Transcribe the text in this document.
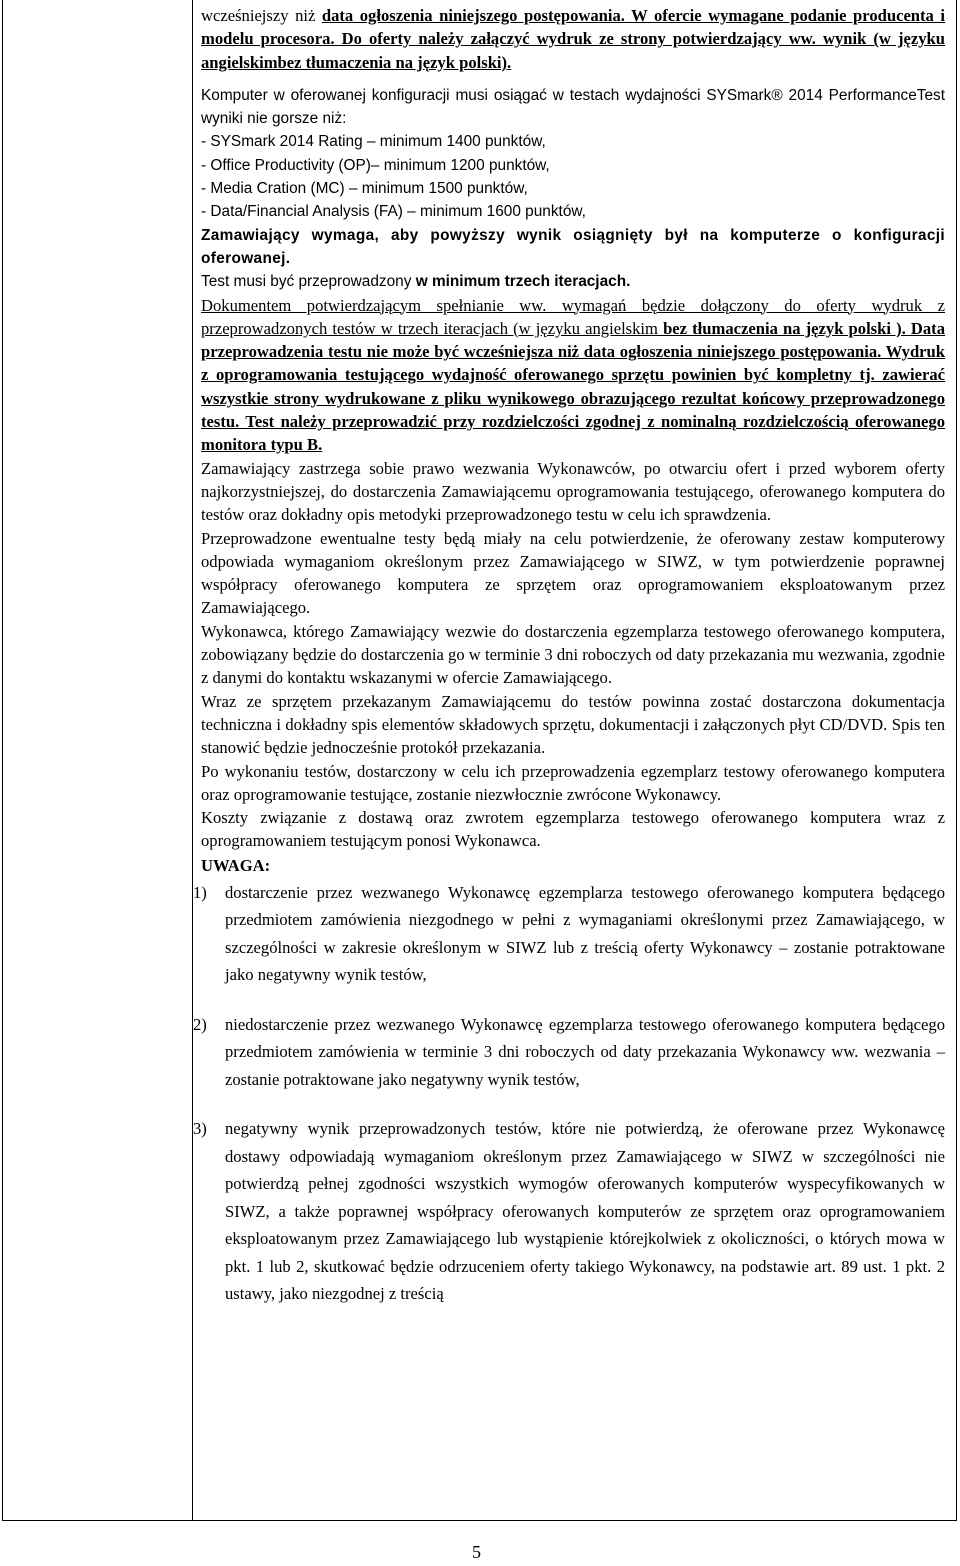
wcześniejszy niż data ogłoszenia niniejszego postępowania. W ofercie wymagane podanie producenta i modelu procesora. Do oferty należy załączyć wydruk ze strony potwierdzający ww. wynik (w języku angielskimbez tłumaczenia na język polski).

Komputer w oferowanej konfiguracji musi osiągać w testach wydajności SYSmark® 2014 PerformanceTest wyniki nie gorsze niż:

- SYSmark 2014 Rating – minimum 1400 punktów,

- Office Productivity (OP)– minimum 1200 punktów,

- Media Cration (MC) – minimum 1500 punktów,

- Data/Financial Analysis (FA) – minimum 1600 punktów,

Zamawiający wymaga, aby powyższy wynik osiągnięty był na komputerze o konfiguracji oferowanej.

Test musi być przeprowadzony w minimum trzech iteracjach.

Dokumentem potwierdzającym spełnianie ww. wymagań będzie dołączony do oferty wydruk z przeprowadzonych testów w trzech iteracjach (w języku angielskim bez tłumaczenia na język polski ). Data przeprowadzenia testu nie może być wcześniejsza niż data ogłoszenia niniejszego postępowania. Wydruk z oprogramowania testującego wydajność oferowanego sprzętu powinien być kompletny tj. zawierać wszystkie strony wydrukowane z pliku wynikowego obrazującego rezultat końcowy przeprowadzonego testu. Test należy przeprowadzić przy rozdzielczości zgodnej z nominalną rozdzielczością oferowanego monitora typu B.

Zamawiający zastrzega sobie prawo wezwania Wykonawców, po otwarciu ofert i przed wyborem oferty najkorzystniejszej, do dostarczenia Zamawiającemu oprogramowania testującego, oferowanego komputera do testów oraz dokładny opis metodyki przeprowadzonego testu w celu ich sprawdzenia.

Przeprowadzone ewentualne testy będą miały na celu potwierdzenie, że oferowany zestaw komputerowy odpowiada wymaganiom określonym przez Zamawiającego w SIWZ, w tym potwierdzenie poprawnej współpracy oferowanego komputera ze sprzętem oraz oprogramowaniem eksploatowanym przez Zamawiającego.

Wykonawca, którego Zamawiający wezwie do dostarczenia egzemplarza testowego oferowanego komputera, zobowiązany będzie do dostarczenia go w terminie 3 dni roboczych od daty przekazania mu wezwania, zgodnie z danymi do kontaktu wskazanymi w ofercie Zamawiającego.

Wraz ze sprzętem przekazanym Zamawiającemu do testów powinna zostać dostarczona dokumentacja techniczna i dokładny spis elementów składowych sprzętu, dokumentacji i załączonych płyt CD/DVD. Spis ten stanowić będzie jednocześnie protokół przekazania.

Po wykonaniu testów, dostarczony w celu ich przeprowadzenia egzemplarz testowy oferowanego komputera oraz oprogramowanie testujące, zostanie niezwłocznie zwrócone Wykonawcy.

Koszty związanie z dostawą oraz zwrotem egzemplarza testowego oferowanego komputera wraz z oprogramowaniem testującym ponosi Wykonawca.

UWAGA:

1) dostarczenie przez wezwanego Wykonawcę egzemplarza testowego oferowanego komputera będącego przedmiotem zamówienia niezgodnego w pełni z wymaganiami określonymi przez Zamawiającego, w szczególności w zakresie określonym w SIWZ lub z treścią oferty Wykonawcy – zostanie potraktowane jako negatywny wynik testów,
2) niedostarczenie przez wezwanego Wykonawcę egzemplarza testowego oferowanego komputera będącego przedmiotem zamówienia w terminie 3 dni roboczych od daty przekazania Wykonawcy ww. wezwania – zostanie potraktowane jako negatywny wynik testów,
3) negatywny wynik przeprowadzonych testów, które nie potwierdzą, że oferowane przez Wykonawcę dostawy odpowiadają wymaganiom określonym przez Zamawiającego w SIWZ w szczególności nie potwierdzą pełnej zgodności wszystkich wymogów oferowanych komputerów wyspecyfikowanych w SIWZ, a także poprawnej współpracy oferowanych komputerów ze sprzętem oraz oprogramowaniem eksploatowanym przez Zamawiającego lub wystąpienie którejkolwiek z okoliczności, o których mowa w pkt. 1 lub 2, skutkować będzie odrzuceniem oferty takiego Wykonawcy, na podstawie art. 89 ust. 1 pkt. 2 ustawy, jako niezgodnej z treścią
5
